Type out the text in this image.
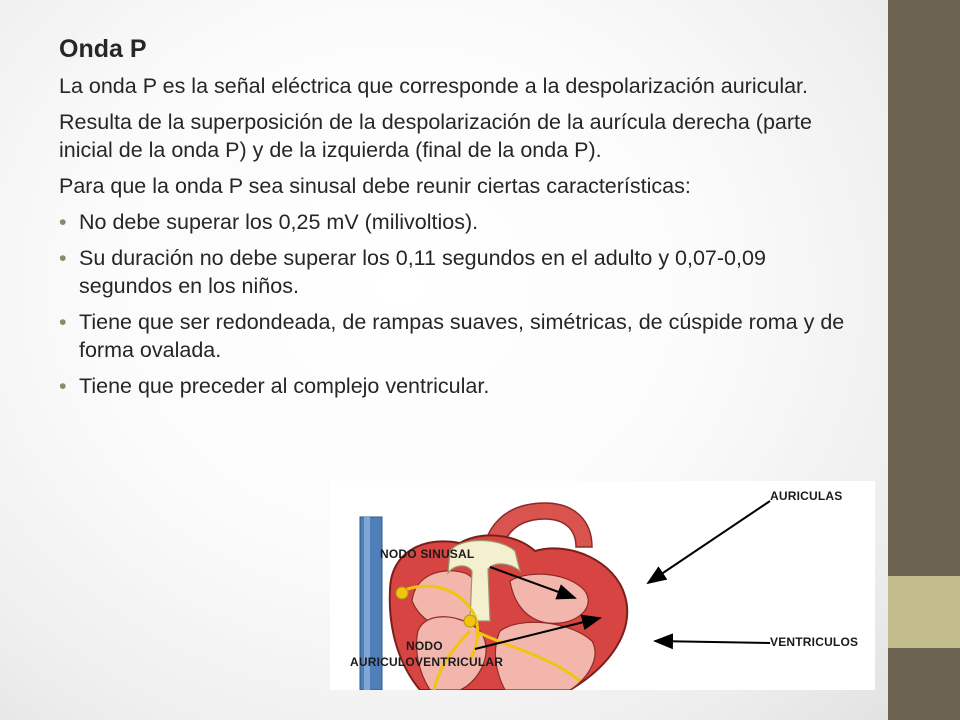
Onda P

La onda P es la señal eléctrica que corresponde a la despolarización auricular.

Resulta de la superposición de la despolarización de la aurícula derecha (parte inicial de la onda P) y de la izquierda (final de la onda P).

Para que la onda P sea sinusal debe reunir ciertas características:

• No debe superar los 0,25 mV (milivoltios).
• Su duración no debe superar los 0,11 segundos en el adulto y 0,07-0,09 segundos en los niños.
• Tiene que ser redondeada, de rampas suaves, simétricas, de cúspide roma y de forma ovalada.
• Tiene que preceder al complejo ventricular.
AURICULAS
NODO SINUSAL
NODO
AURICULOVENTRICULAR
VENTRICULOS
